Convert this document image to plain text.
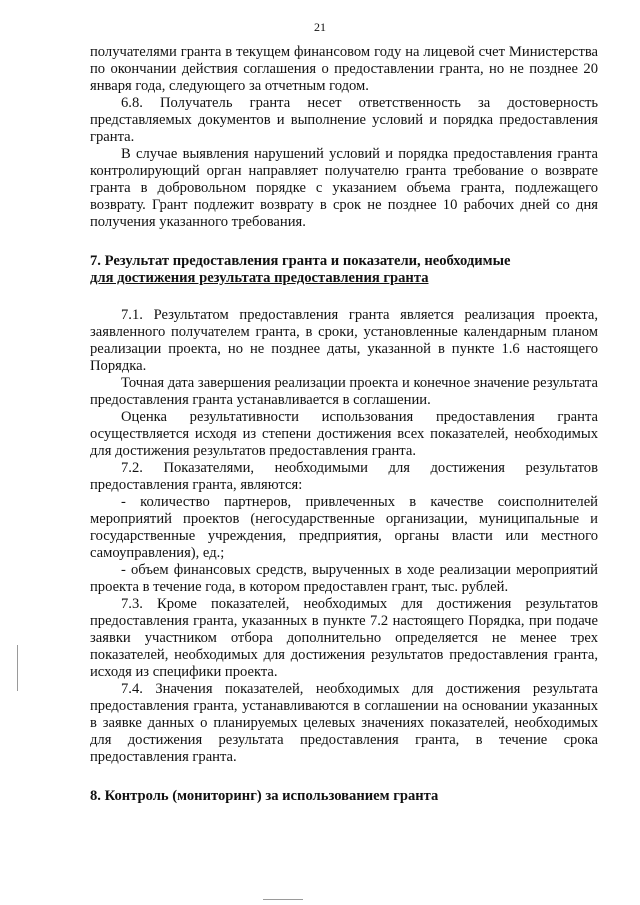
21

получателями гранта в текущем финансовом году на лицевой счет Министерства по окончании действия соглашения о предоставлении гранта, но не позднее 20 января года, следующего за отчетным годом.

6.8. Получатель гранта несет ответственность за достоверность представляемых документов и выполнение условий и порядка предоставления гранта.

В случае выявления нарушений условий и порядка предоставления гранта контролирующий орган направляет получателю гранта требование о возврате гранта в добровольном порядке с указанием объема гранта, подлежащего возврату. Грант подлежит возврату в срок не позднее 10 рабочих дней со дня получения указанного требования.

7. Результат предоставления гранта и показатели, необходимые

для достижения результата предоставления гранта

7.1. Результатом предоставления гранта является реализация проекта, заявленного получателем гранта, в сроки, установленные календарным планом реализации проекта, но не позднее даты, указанной в пункте 1.6 настоящего Порядка.

Точная дата завершения реализации проекта и конечное значение результата предоставления гранта устанавливается в соглашении.

Оценка результативности использования предоставления гранта осуществляется исходя из степени достижения всех показателей, необходимых для достижения результатов предоставления гранта.

7.2. Показателями, необходимыми для достижения результатов предоставления гранта, являются:

- количество партнеров, привлеченных в качестве соисполнителей мероприятий проектов (негосударственные организации, муниципальные и государственные учреждения, предприятия, органы власти или местного самоуправления), ед.;

- объем финансовых средств, вырученных в ходе реализации мероприятий проекта в течение года, в котором предоставлен грант, тыс. рублей.

7.3. Кроме показателей, необходимых для достижения результатов предоставления гранта, указанных в пункте 7.2 настоящего Порядка, при подаче заявки участником отбора дополнительно определяется не менее трех показателей, необходимых для достижения результатов предоставления гранта, исходя из специфики проекта.

7.4. Значения показателей, необходимых для достижения результата предоставления гранта, устанавливаются в соглашении на основании указанных в заявке данных о планируемых целевых значениях показателей, необходимых для достижения результата предоставления гранта, в течение срока предоставления гранта.

8. Контроль (мониторинг) за использованием гранта
